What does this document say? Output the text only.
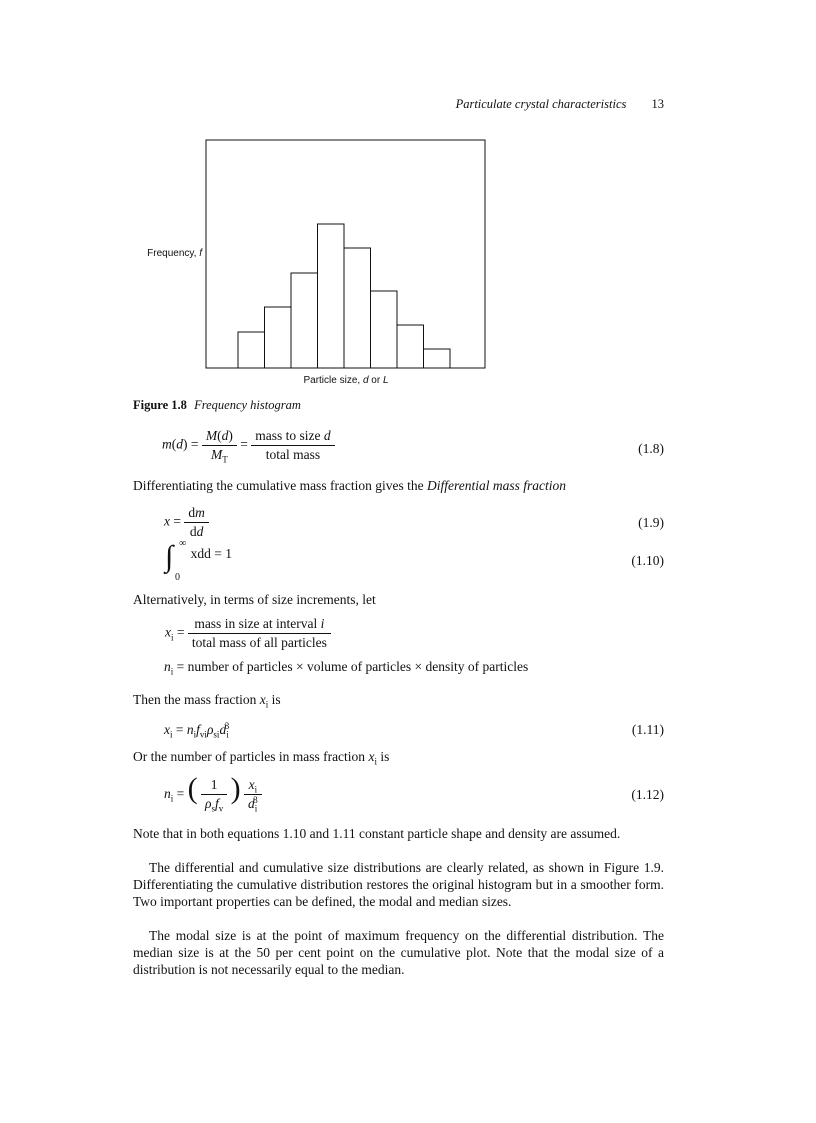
Particulate crystal characteristics 13
Frequency, f
Particle size, d or L
Figure 1.8 Frequency histogram
$m(d) = \frac{M(d)}{M_T} = \frac{\text{mass to size d}}{\text{total mass}}$	(1.8)
Differentiating the cumulative mass fraction gives the Differential mass fraction
$x = \frac{dm}{dd}$	(1.9)
∫ ∞
0
xdd = 1	(1.10)
Alternatively, in terms of size increments, let
$x_i = \frac{\text{mass in size at interval i}}{\text{total mass of all particles}}$
$n_i$ = number of particles × volume of particles × density of particles
Then the mass fraction $x_i$ is
$x_i = n_if_{vi}\rho_{si}d_i^3$	(1.11)
Or the number of particles in mass fraction $x_i$ is
$n_i$ = ( $\frac{1}{\rho_sf_v}$ ) $\frac{x_i}{d_i^3}$	(1.12)
Note that in both equations 1.10 and 1.11 constant particle shape and density are assumed.
The differential and cumulative size distributions are clearly related, as shown in Figure 1.9. Differentiating the cumulative distribution restores the original histogram but in a smoother form. Two important properties can be defined, the modal and median sizes.
The modal size is at the point of maximum frequency on the differential distribution. The median size is at the 50 per cent point on the cumulative plot. Note that the modal size of a distribution is not necessarily equal to the median.
